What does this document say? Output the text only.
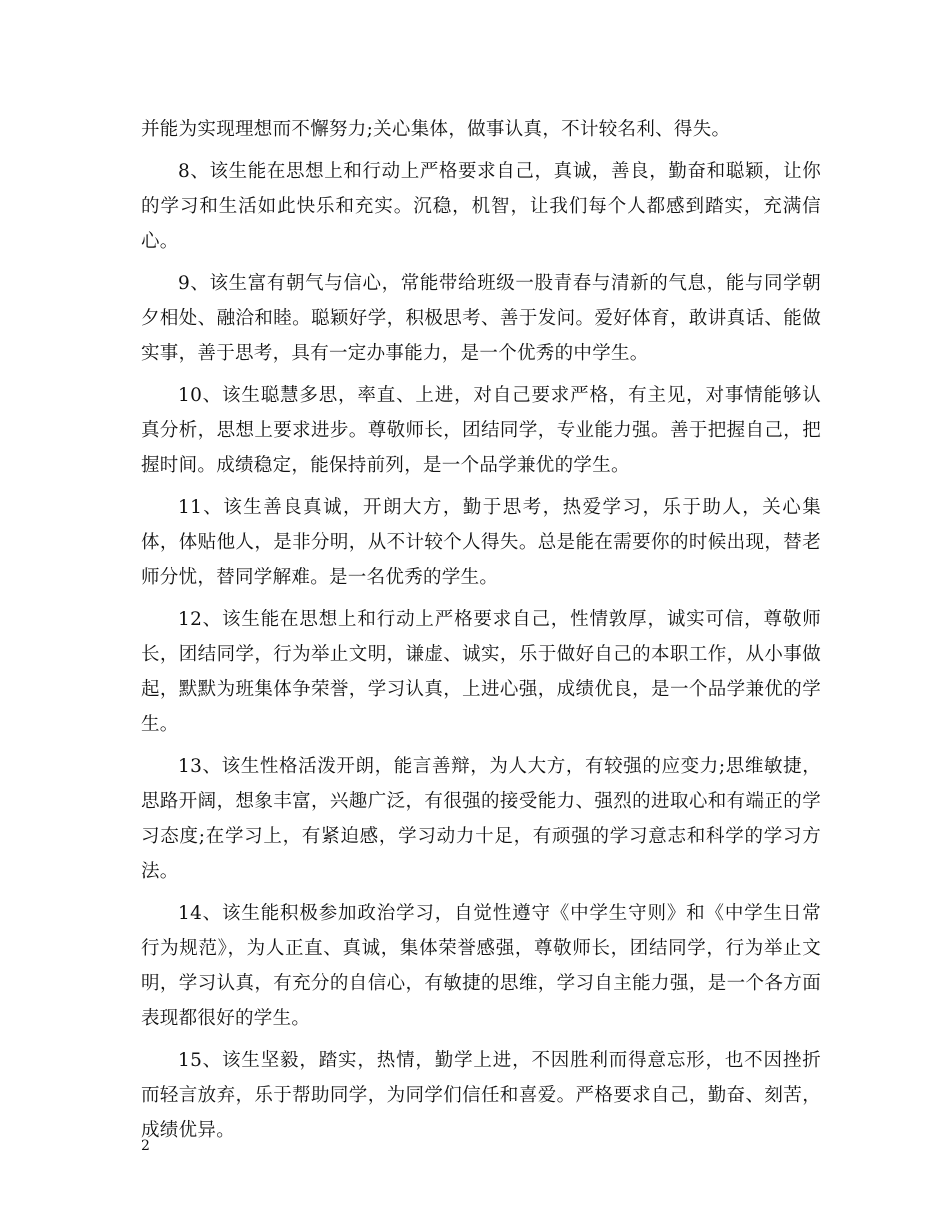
并能为实现理想而不懈努力;关心集体，做事认真，不计较名利、得失。

8、该生能在思想上和行动上严格要求自己，真诚，善良，勤奋和聪颖，让你的学习和生活如此快乐和充实。沉稳，机智，让我们每个人都感到踏实，充满信心。

9、该生富有朝气与信心，常能带给班级一股青春与清新的气息，能与同学朝夕相处、融洽和睦。聪颖好学，积极思考、善于发问。爱好体育，敢讲真话、能做实事，善于思考，具有一定办事能力，是一个优秀的中学生。

10、该生聪慧多思，率直、上进，对自己要求严格，有主见，对事情能够认真分析，思想上要求进步。尊敬师长，团结同学，专业能力强。善于把握自己，把握时间。成绩稳定，能保持前列，是一个品学兼优的学生。

11、该生善良真诚，开朗大方，勤于思考，热爱学习，乐于助人，关心集体，体贴他人，是非分明，从不计较个人得失。总是能在需要你的时候出现，替老师分忧，替同学解难。是一名优秀的学生。

12、该生能在思想上和行动上严格要求自己，性情敦厚，诚实可信，尊敬师长，团结同学，行为举止文明，谦虚、诚实，乐于做好自己的本职工作，从小事做起，默默为班集体争荣誉，学习认真，上进心强，成绩优良，是一个品学兼优的学生。

13、该生性格活泼开朗，能言善辩，为人大方，有较强的应变力;思维敏捷，思路开阔，想象丰富，兴趣广泛，有很强的接受能力、强烈的进取心和有端正的学习态度;在学习上，有紧迫感，学习动力十足，有顽强的学习意志和科学的学习方法。

14、该生能积极参加政治学习，自觉性遵守《中学生守则》和《中学生日常行为规范》，为人正直、真诚，集体荣誉感强，尊敬师长，团结同学，行为举止文明，学习认真，有充分的自信心，有敏捷的思维，学习自主能力强，是一个各方面表现都很好的学生。

15、该生坚毅，踏实，热情，勤学上进，不因胜利而得意忘形，也不因挫折而轻言放弃，乐于帮助同学，为同学们信任和喜爱。严格要求自己，勤奋、刻苦，成绩优异。

2
